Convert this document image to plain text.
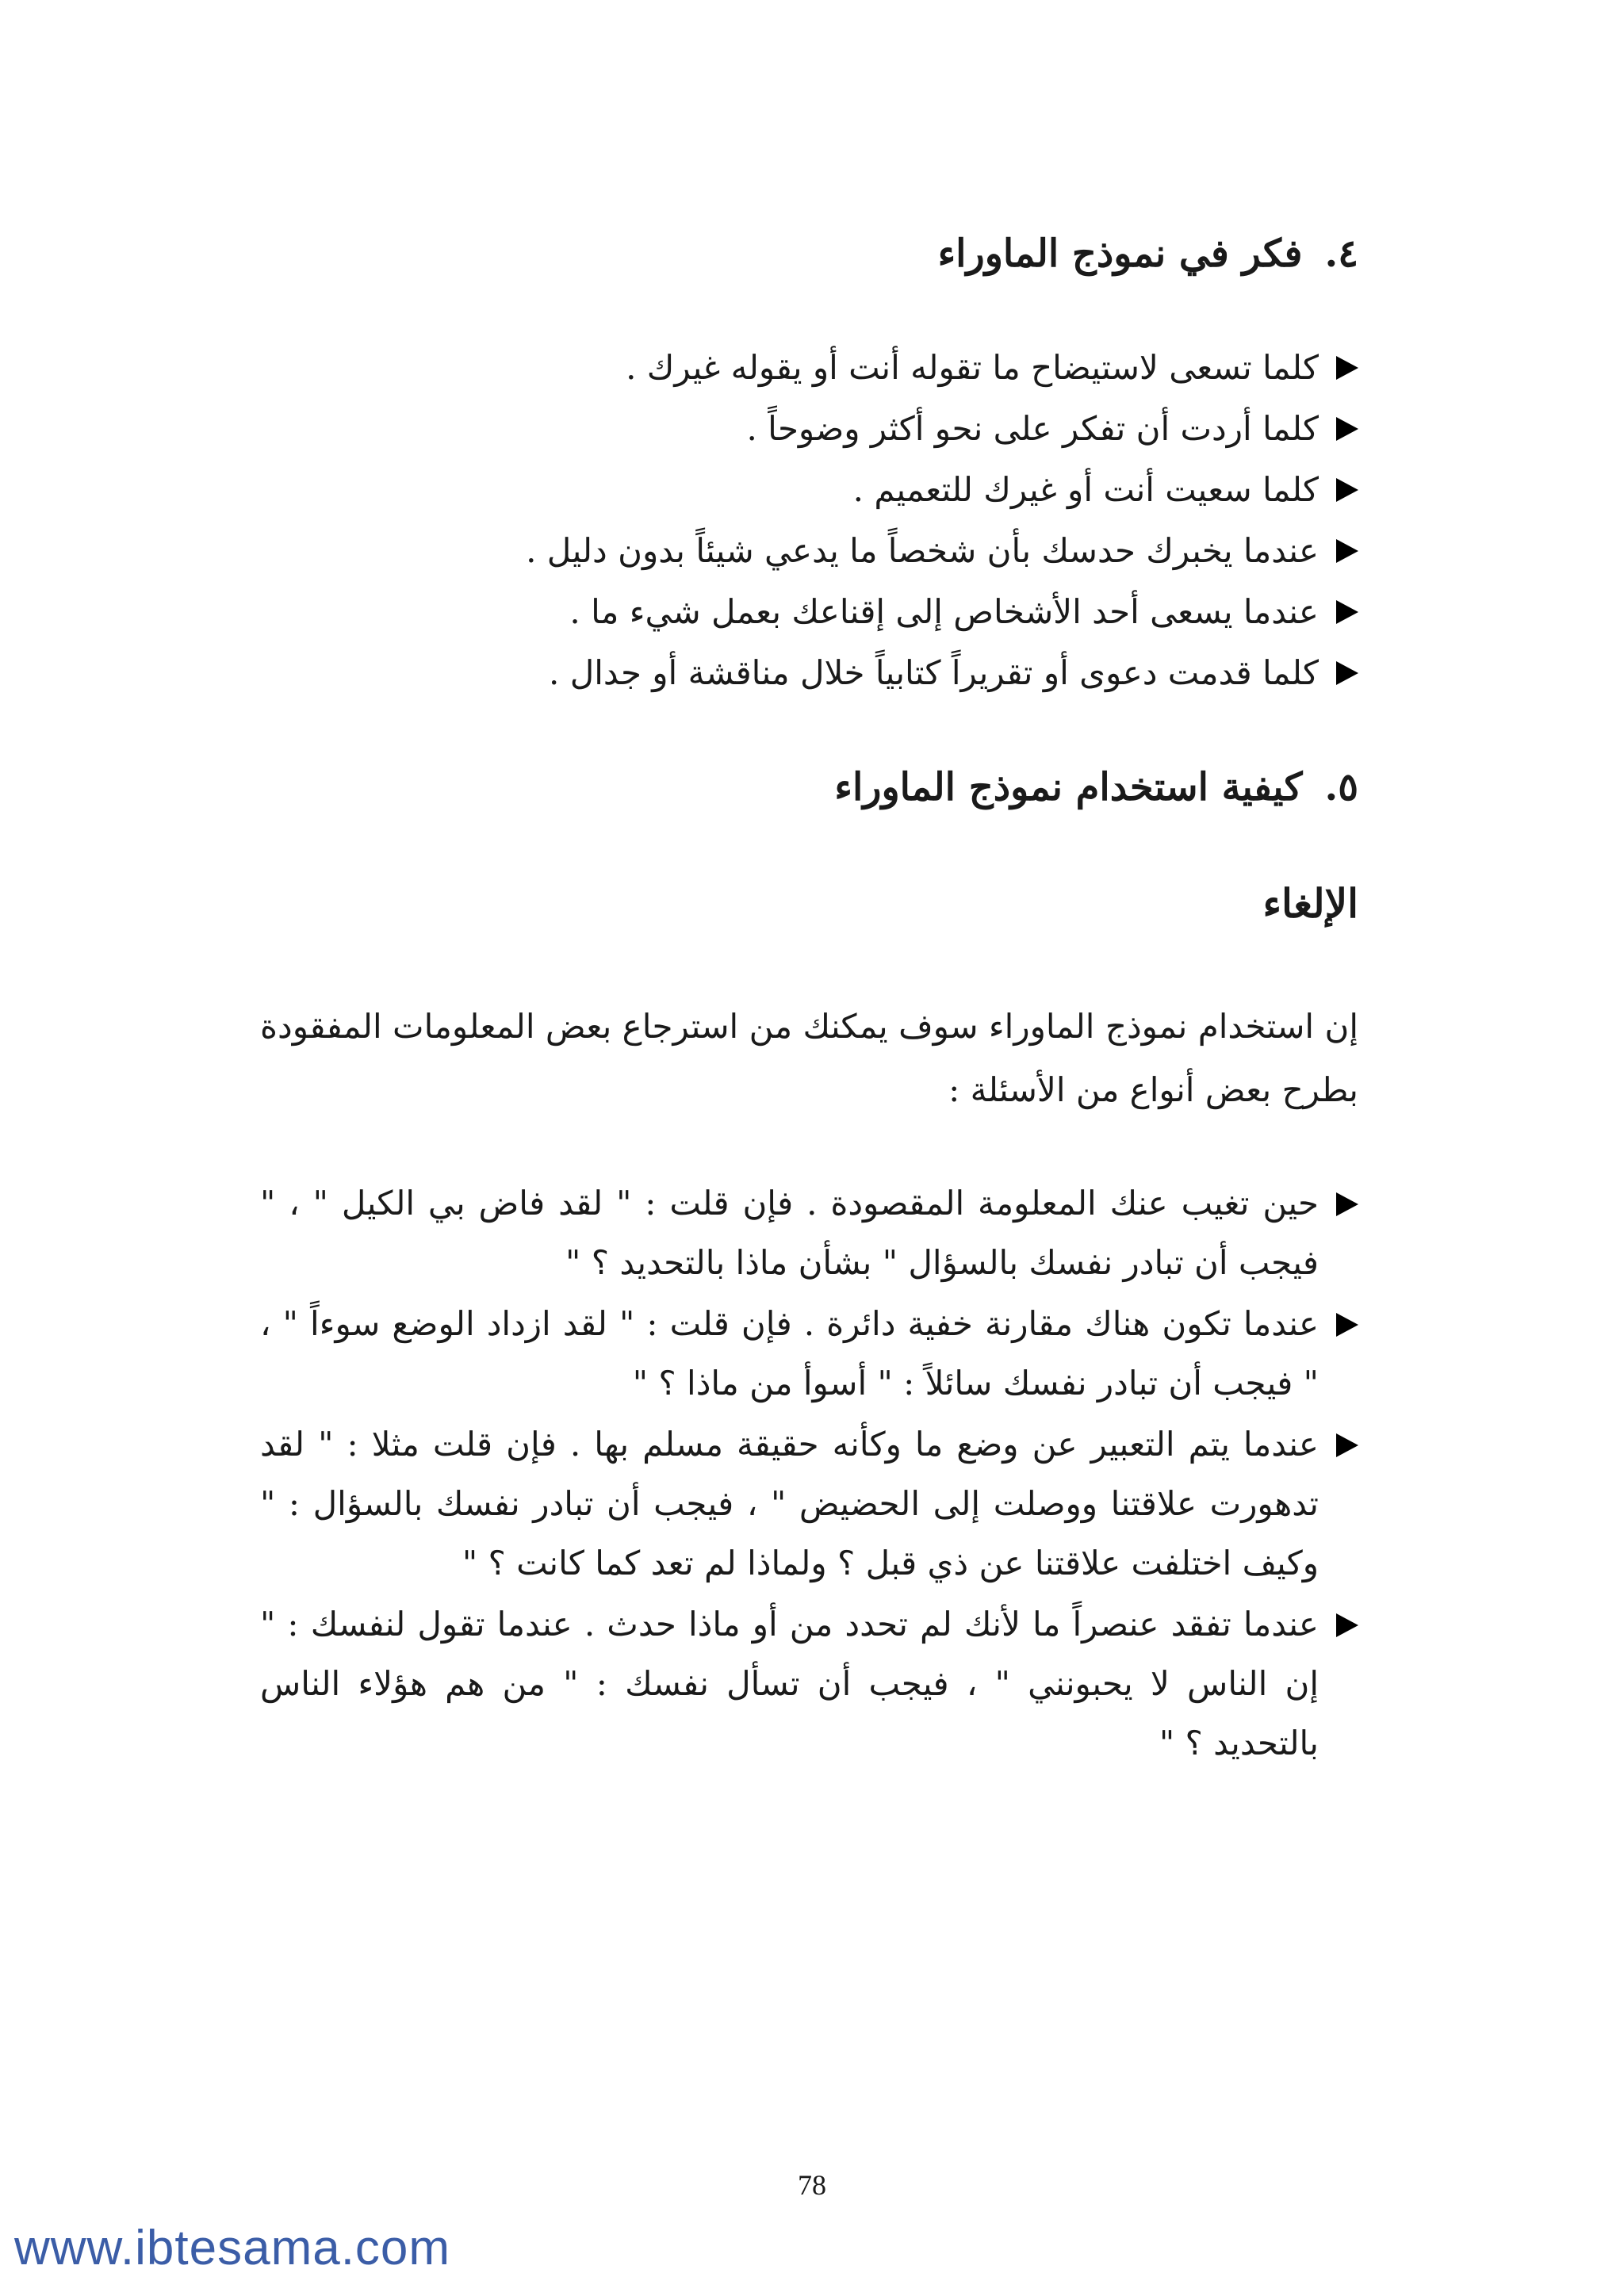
٤.فكر في نموذج الماوراء
كلما تسعى لاستيضاح ما تقوله أنت أو يقوله غيرك .
كلما أردت أن تفكر على نحو أكثر وضوحاً .
كلما سعيت أنت أو غيرك للتعميم .
عندما يخبرك حدسك بأن شخصاً ما يدعي شيئاً بدون دليل .
عندما يسعى أحد الأشخاص إلى إقناعك بعمل شيء ما .
كلما قدمت دعوى أو تقريراً كتابياً خلال مناقشة أو جدال .
٥.كيفية استخدام نموذج الماوراء
الإلغاء

إن استخدام نموذج الماوراء سوف يمكنك من استرجاع بعض المعلومات المفقودة بطرح بعض أنواع من الأسئلة :

حين تغيب عنك المعلومة المقصودة . فإن قلت : " لقد فاض بي الكيل " ، " فيجب أن تبادر نفسك بالسؤال " بشأن ماذا بالتحديد ؟ "
عندما تكون هناك مقارنة خفية دائرة . فإن قلت : " لقد ازداد الوضع سوءاً " ، " فيجب أن تبادر نفسك سائلاً : " أسوأ من ماذا ؟ "
عندما يتم التعبير عن وضع ما وكأنه حقيقة مسلم بها . فإن قلت مثلا : " لقد تدهورت علاقتنا ووصلت إلى الحضيض " ، فيجب أن تبادر نفسك بالسؤال : " وكيف اختلفت علاقتنا عن ذي قبل ؟ ولماذا لم تعد كما كانت ؟ "
عندما تفقد عنصراً ما لأنك لم تحدد من أو ماذا حدث . عندما تقول لنفسك : " إن الناس لا يحبونني " ، فيجب أن تسأل نفسك : " من هم هؤلاء الناس بالتحديد ؟ "
78
www.ibtesama.com
